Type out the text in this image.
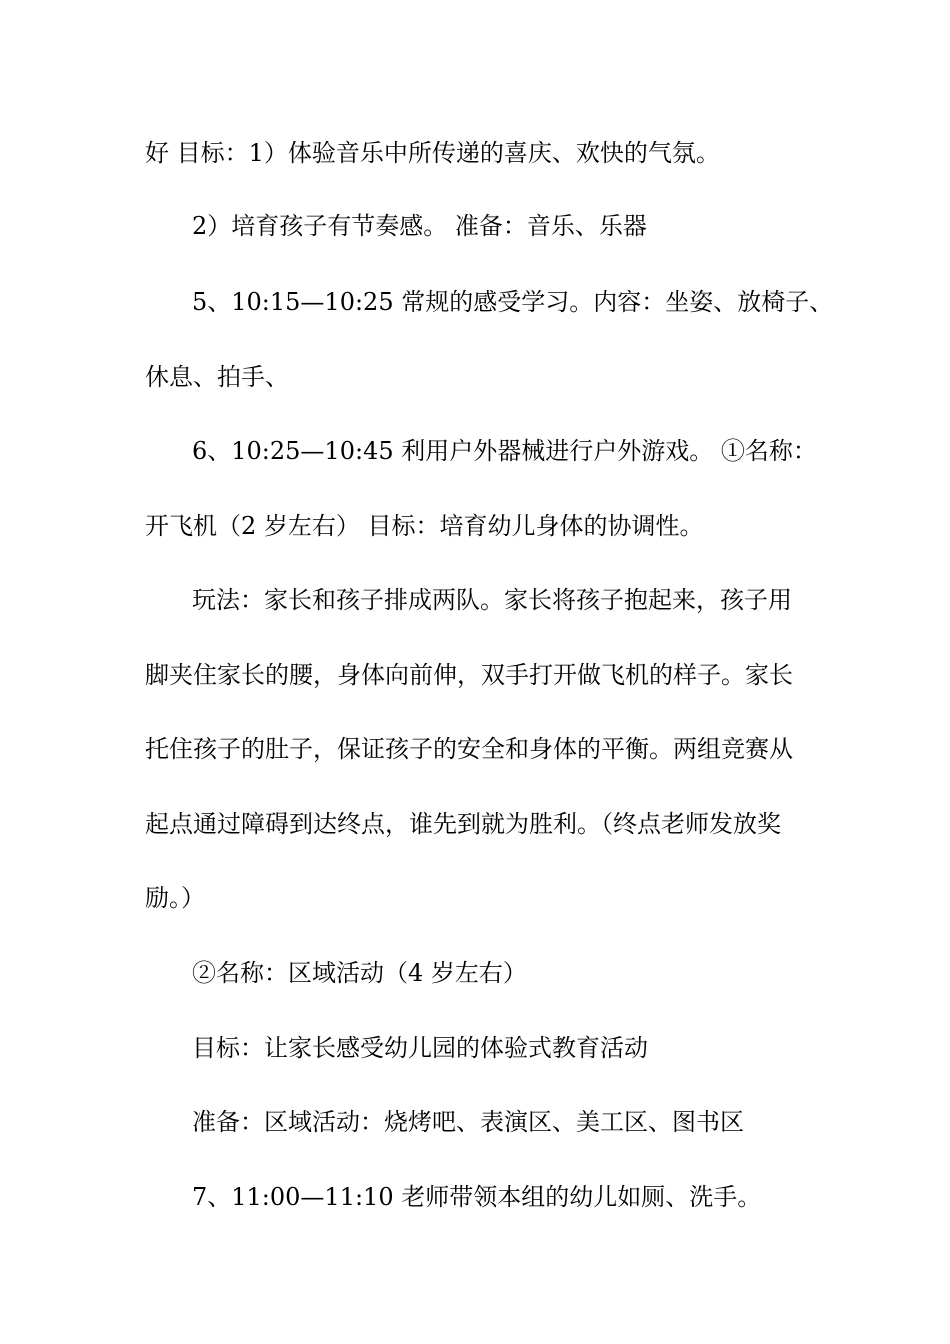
好 目标：1）体验音乐中所传递的喜庆、欢快的气氛。

2）培育孩子有节奏感。 准备：音乐、乐器

5、10:15—10:25 常规的感受学习。内容：坐姿、放椅子、

休息、拍手、

6、10:25—10:45 利用户外器械进行户外游戏。 ①名称：

开飞机（2 岁左右） 目标：培育幼儿身体的协调性。

玩法：家长和孩子排成两队。家长将孩子抱起来，孩子用

脚夹住家长的腰，身体向前伸，双手打开做飞机的样子。家长

托住孩子的肚子，保证孩子的安全和身体的平衡。两组竞赛从

起点通过障碍到达终点，谁先到就为胜利。（终点老师发放奖

励。）

②名称：区域活动（4 岁左右）

目标：让家长感受幼儿园的体验式教育活动

准备：区域活动：烧烤吧、表演区、美工区、图书区

7、11:00—11:10 老师带领本组的幼儿如厕、洗手。
